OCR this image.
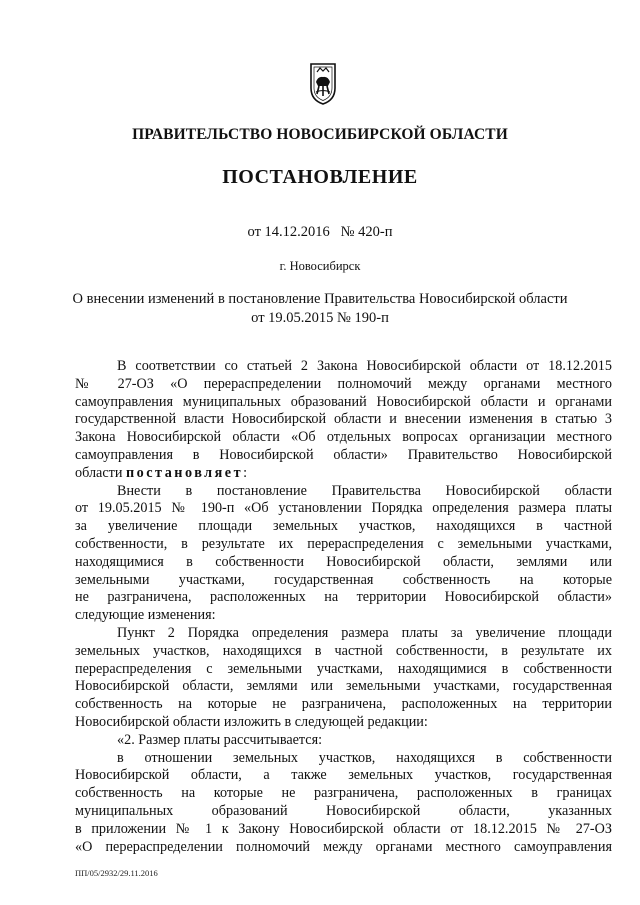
ПРАВИТЕЛЬСТВО НОВОСИБИРСКОЙ ОБЛАСТИ
ПОСТАНОВЛЕНИЕ
от 14.12.2016 № 420-п
г. Новосибирск
О внесении изменений в постановление Правительства Новосибирской области
от 19.05.2015 № 190-п

В соответствии со статьей 2 Закона Новосибирской области от 18.12.2015

№ 27-ОЗ «О перераспределении полномочий между органами местного

самоуправления муниципальных образований Новосибирской области и органами

государственной власти Новосибирской области и внесении изменения в статью 3

Закона Новосибирской области «Об отдельных вопросах организации местного

самоуправления в Новосибирской области» Правительство Новосибирской

области постановляет:

Внести в постановление Правительства Новосибирской области

от 19.05.2015 № 190-п «Об установлении Порядка определения размера платы

за увеличение площади земельных участков, находящихся в частной

собственности, в результате их перераспределения с земельными участками,

находящимися в собственности Новосибирской области, землями или

земельными участками, государственная собственность на которые

не разграничена, расположенных на территории Новосибирской области»

следующие изменения:

Пункт 2 Порядка определения размера платы за увеличение площади

земельных участков, находящихся в частной собственности, в результате их

перераспределения с земельными участками, находящимися в собственности

Новосибирской области, землями или земельными участками, государственная

собственность на которые не разграничена, расположенных на территории

Новосибирской области изложить в следующей редакции:

«2. Размер платы рассчитывается:

в отношении земельных участков, находящихся в собственности

Новосибирской области, а также земельных участков, государственная

собственность на которые не разграничена, расположенных в границах

муниципальных образований Новосибирской области, указанных

в приложении № 1 к Закону Новосибирской области от 18.12.2015 № 27-ОЗ

«О перераспределении полномочий между органами местного самоуправления

ПП/05/2932/29.11.2016
